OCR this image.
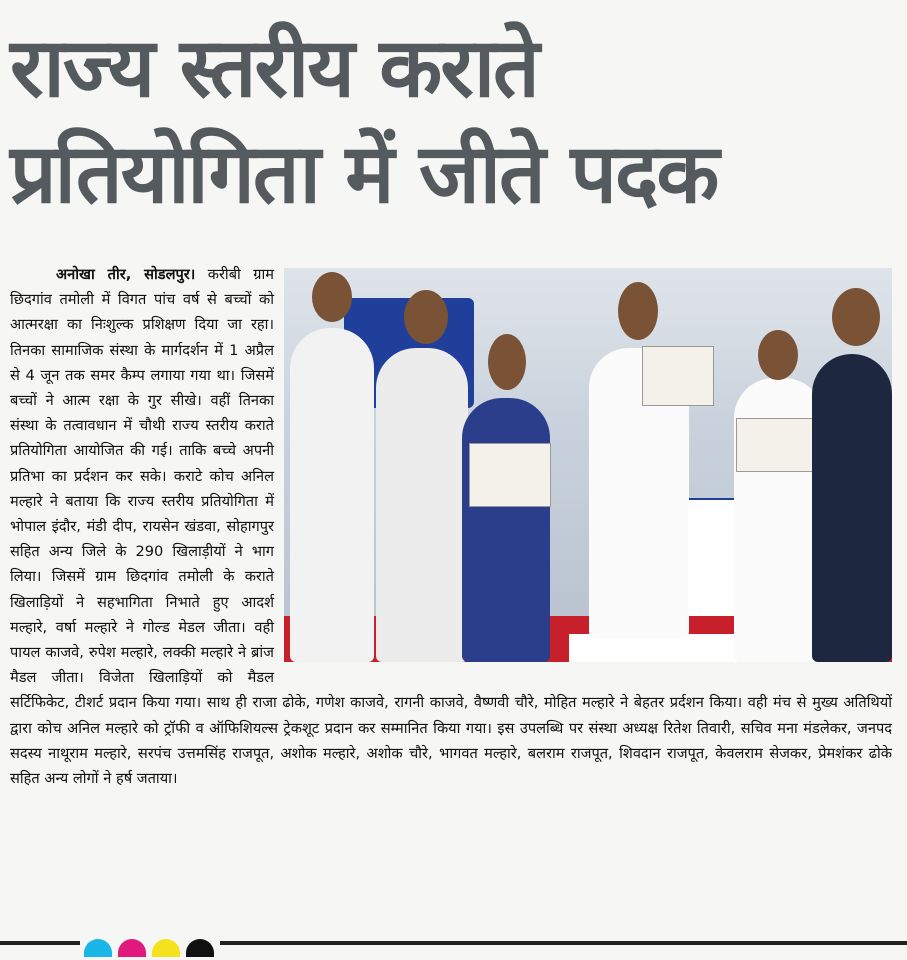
राज्य स्तरीय कराते
प्रतियोगिता में जीते पदक

अनोखा तीर, सोडलपुर। करीबी ग्राम छिदगांव तमोली में विगत पांच वर्ष से बच्चों को आत्मरक्षा का निःशुल्क प्रशिक्षण दिया जा रहा। तिनका सामाजिक संस्था के मार्गदर्शन में 1 अप्रैल से 4 जून तक समर कैम्प लगाया गया था। जिसमें बच्चों ने आत्म रक्षा के गुर सीखे। वहीं तिनका संस्था के तत्वावधान में चौथी राज्य स्तरीय कराते प्रतियोगिता आयोजित की गई। ताकि बच्चे अपनी प्रतिभा का प्रर्दशन कर सके। कराटे कोच अनिल मल्हारे ने बताया कि राज्य स्तरीय प्रतियोगिता में भोपाल इंदौर, मंडी दीप, रायसेन खंडवा, सोहागपुर सहित अन्य जिले के 290 खिलाड़ीयों ने भाग लिया। जिसमें ग्राम छिदगांव तमोली के कराते खिलाड़ियों ने सहभागिता निभाते हुए आदर्श मल्हारे, वर्षा मल्हारे ने गोल्ड मेडल जीता। वही पायल काजवे, रुपेश मल्हारे, लक्की मल्हारे ने ब्रांज मैडल जीता। विजेता खिलाड़ियों को मैडल सर्टिफिकेट, टीशर्ट प्रदान किया गया। साथ ही राजा ढोके, गणेश काजवे, रागनी काजवे, वैष्णवी चौरे, मोहित मल्हारे ने बेहतर प्रर्दशन किया। वही मंच से मुख्य अतिथियों द्वारा कोच अनिल मल्हारे को ट्रॉफी व ऑफिशियल्स ट्रेकशूट प्रदान कर सम्मानित किया गया। इस उपलब्धि पर संस्था अध्यक्ष रितेश तिवारी, सचिव मना मंडलेकर, जनपद सदस्य नाथूराम मल्हारे, सरपंच उत्तमसिंह राजपूत, अशोक मल्हारे, अशोक चौरे, भागवत मल्हारे, बलराम राजपूत, शिवदान राजपूत, केवलराम सेजकर, प्रेमशंकर ढोके सहित अन्य लोगों ने हर्ष जताया।
